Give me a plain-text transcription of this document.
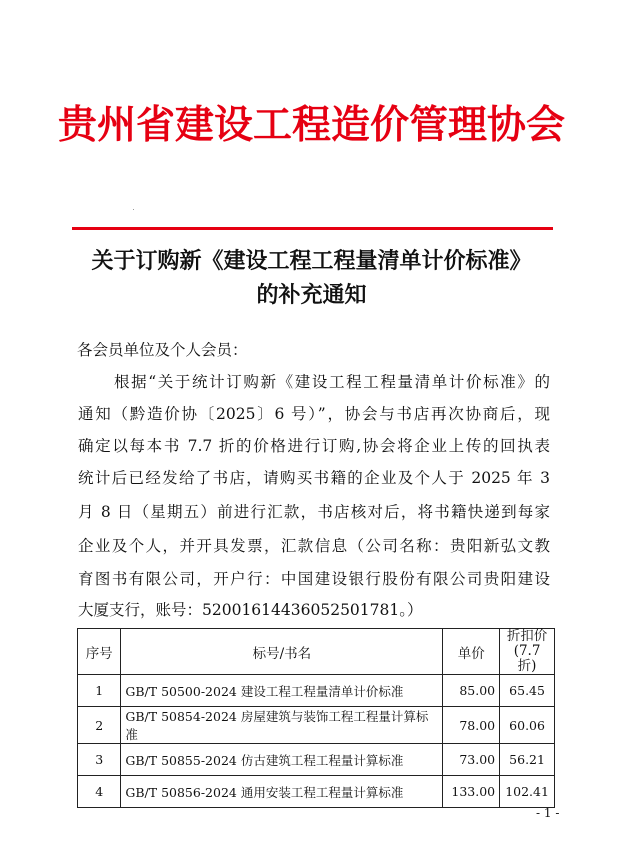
贵州省建设工程造价管理协会
关于订购新《建设工程工程量清单计价标准》
的补充通知
各会员单位及个人会员：
根据“关于统计订购新《建设工程工程量清单计价标准》的
通知（黔造价协〔2025〕6 号）”，协会与书店再次协商后，现
确定以每本书 7.7 折的价格进行订购,协会将企业上传的回执表
统计后已经发给了书店，请购买书籍的企业及个人于 2025 年 3
月 8 日（星期五）前进行汇款，书店核对后，将书籍快递到每家
企业及个人，并开具发票，汇款信息（公司名称：贵阳新弘文教
育图书有限公司，开户行：中国建设银行股份有限公司贵阳建设
大厦支行，账号：52001614436052501781。）
序号	标号/书名	单价	折扣价
(7.7 折)
1	GB/T 50500-2024 建设工程工程量清单计价标准	85.00	65.45
2	GB/T 50854-2024 房屋建筑与装饰工程工程量计算标准	78.00	60.06
3	GB/T 50855-2024 仿古建筑工程工程量计算标准	73.00	56.21
4	GB/T 50856-2024 通用安装工程工程量计算标准	133.00	102.41
- 1 -
